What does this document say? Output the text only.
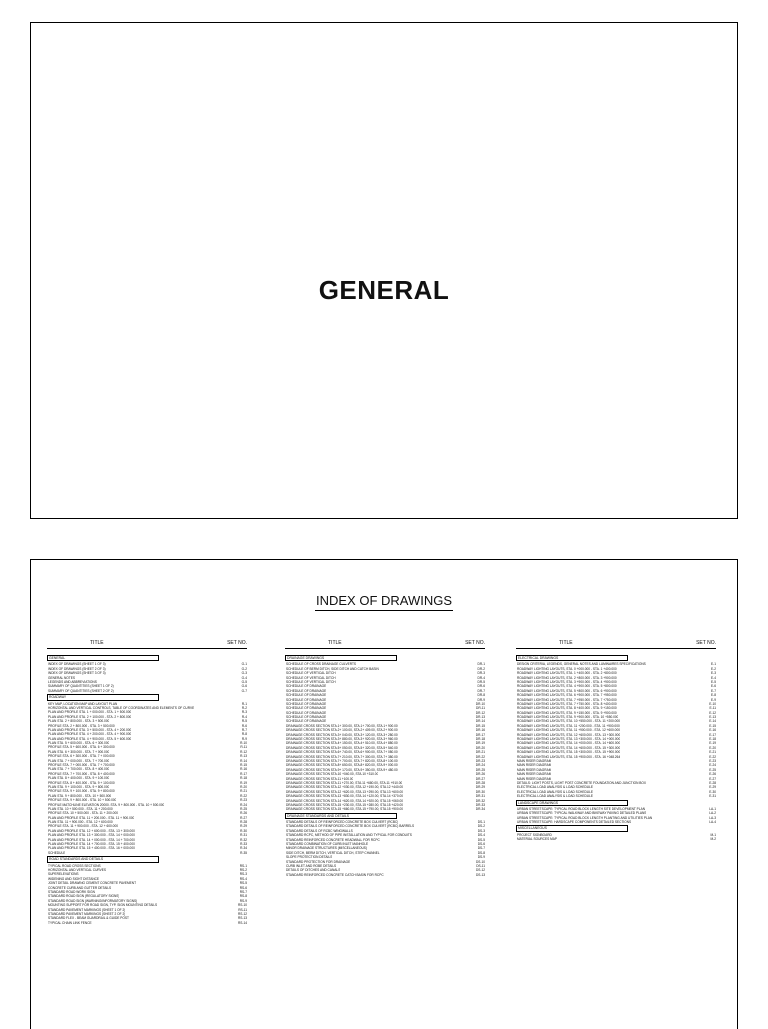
GENERAL
INDEX OF DRAWINGS
TITLE	SET NO.
GENERAL
INDEX OF DRAWINGS (SHEET 1 OF 3)	G-1
INDEX OF DRAWINGS (SHEET 2 OF 3)	G-2
INDEX OF DRAWINGS (SHEET 3 OF 3)	G-3
GENERAL NOTES	G-4
LEGENDS AND ABBREVIATIONS	G-5
SUMMARY OF QUANTITIES (SHEET 1 OF 2)	G-6
SUMMARY OF QUANTITIES (SHEET 2 OF 2)	G-7
ROADWAY
KEY MAP, LOCATION MAP AND LAYOUT PLAN	R-1
HORIZONTAL AND VERTICAL CONTROLS, TABLE OF COORDINATES AND ELEMENTS OF CURVE	R-2
PLAN AND PROFILE STA. 1 + 000.000 - STA. 1 + 500.000	R-3
PLAN AND PROFILE STA. 2 + 100.000 - STA. 2 + 800.000	R-4
PLAN STA. 2 + 800.000 - STA. 3 + 500.000	R-5
PROFILE STA. 2 + 800.000 - STA. 3 + 500.000	R-6
PLAN AND PROFILE STA. 3 + 500.000 - STA. 4 + 200.000	R-7
PLAN AND PROFILE STA. 4 + 200.000 - STA. 4 + 900.000	R-8
PLAN AND PROFILE STA. 4 + 900.000 - STA. 5 + 600.000	R-9
PLAN STA. 5 + 600.000 - STA. 6 + 300.000	R-10
PROFILE STA. 5 + 600.000 - STA. 6 + 300.000	R-11
PLAN STA. 6 + 300.000 - STA. 7 + 000.000	R-12
PROFILE STA. 6 + 300.000 - STA. 7 + 000.000	R-13
PLAN STA. 7 + 000.000 - STA. 7 + 700.000	R-14
PROFILE STA. 7 + 000.000 - STA. 7 + 700.000	R-15
PLAN STA. 7 + 700.000 - STA. 8 + 400.000	R-16
PROFILE STA. 7 + 700.000 - STA. 8 + 400.000	R-17
PLAN STA. 8 + 400.000 - STA. 9 + 100.000	R-18
PROFILE STA. 8 + 400.000 - STA. 9 + 100.000	R-19
PLAN STA. 9 + 100.000 - STA. 9 + 800.000	R-20
PROFILE STA. 9 + 100.000 - STA. 9 + 800.000	R-21
PLAN STA. 9 + 800.000 - STA. 10 + 500.000	R-22
PROFILE STA. 9 + 800.000 - STA. 10 + 500.000	R-23
PROFILE MATCHLINE ELEVATION 20000. STA. 9 + 800.000 - STA. 10 + 500.000	R-24
PLAN STA. 10 + 500.000 - STA. 11 + 200.000	R-25
PROFILE STA. 10 + 500.000 - STA. 11 + 200.000	R-26
PLAN AND PROFILE STA. 11 + 200.000 - STA. 11 + 900.000	R-27
PLAN STA. 11 + 900.000 - STA. 12 + 600.000	R-28
PROFILE STA. 11 + 900.000 - STA. 12 + 600.000	R-29
PLAN AND PROFILE STA. 12 + 600.000 - STA. 13 + 300.000	R-30
PLAN AND PROFILE STA. 13 + 300.000 - STA. 14 + 000.000	R-31
PLAN AND PROFILE STA. 14 + 000.000 - STA. 14 + 700.000	R-32
PLAN AND PROFILE STA. 14 + 700.000 - STA. 15 + 400.000	R-33
PLAN AND PROFILE STA. 15 + 400.000 - STA. 16 + 000.000	R-34
SCHEDULE	R-35
ROAD STANDARDS AND DETAILS
TYPICAL ROAD CROSS SECTIONS	RS-1
HORIZONTAL AND VERTICAL CURVES	RS-2
SUPERELEVATIONS	RS-3
WIDENING AND SIGHT DISTANCE	RS-4
JOINT DETAIL DRAWING CEMENT CONCRETE PAVEMENT	RS-5
CONCRETE CURB AND GUTTER DETAILS	RS-6
STANDARD ROAD WORK SIGN	RS-7
STANDARD ROAD SIGN (REGULATORY SIGNS)	RS-8
STANDARD ROAD SIGN (WARNING/INFORMATORY SIGNS)	RS-9
MOUNTING SUPPORT FOR ROAD SIGN, TYP. SIGN MOUNTING DETAILS	RS-10
STANDARD PAVEMENT MARKINGS (SHEET 1 OF 2)	RS-11
STANDARD PAVEMENT MARKINGS (SHEET 2 OF 2)	RS-12
STANDARD FLEX - BEAM GUARDRAIL & GUIDE POST	RS-13
TYPICAL CHAIN LINK FENCE	RS-14
TITLE	SET NO.
DRAINAGE DRAWINGS
SCHEDULE OF CROSS DRAINAGE CULVERTS	DR-1
SCHEDULE OF BERM DITCH, SIDE DITCH AND CATCH BASIN	DR-2
SCHEDULE OF VERTICAL DITCH	DR-3
SCHEDULE OF VERTICAL DITCH	DR-4
SCHEDULE OF VERTICAL DITCH	DR-5
SCHEDULE OF DRAINAGE	DR-6
SCHEDULE OF DRAINAGE	DR-7
SCHEDULE OF DRAINAGE	DR-8
SCHEDULE OF DRAINAGE	DR-9
SCHEDULE OF DRAINAGE	DR-10
SCHEDULE OF DRAINAGE	DR-11
SCHEDULE OF DRAINAGE	DR-12
SCHEDULE OF DRAINAGE	DR-13
SCHEDULE OF DRAINAGE	DR-14
DRAINAGE CROSS SECTION STA.1+ 300.00, STA.1+ 700.00, STA.1+ 900.00	DR-15
DRAINAGE CROSS SECTION STA.2+ 100.00, STA.2+ 409.00, STA.2+ 900.00	DR-16
DRAINAGE CROSS SECTION STA.3+ 040.00, STA.3+ 120.00, STA.3+ 280.00	DR-17
DRAINAGE CROSS SECTION STA.3+ 880.00, STA.3+ 920.00, STA.3+ 960.00	DR-18
DRAINAGE CROSS SECTION STA.4+ 150.00, STA.4+ 510.00, STA.4+ 880.00	DR-19
DRAINAGE CROSS SECTION STA.5+ 050.00, STA.5+ 320.00, STA.5+ 540.00	DR-20
DRAINAGE CROSS SECTION STA.6+ 740.00, STA.6+ 900.00, STA.7+ 080.00	DR-21
DRAINAGE CROSS SECTION STA.7+ 210.00, STA.7+ 300.00, STA.7+ 380.00	DR-22
DRAINAGE CROSS SECTION STA.7+ 700.00, STA.7+ 820.00, STA.8+ 100.00	DR-23
DRAINAGE CROSS SECTION STA.8+ 650.00, STA.8+ 820.00, STA.9+ 000.00	DR-24
DRAINAGE CROSS SECTION STA.9+ 170.00, STA.9+ 350.00, STA.9+ 480.00	DR-25
DRAINAGE CROSS SECTION STA.10 +040.00, STA.10 +310.00	DR-26
DRAINAGE CROSS SECTION STA.11 +100.00	DR-27
DRAINAGE CROSS SECTION STA.11 +270.00, STA.11 +680.00, STA.11 +910.00	DR-28
DRAINAGE CROSS SECTION STA.12 +030.00, STA.12 +190.00, STA.12 +440.00	DR-29
DRAINAGE CROSS SECTION STA.12 +620.00, STA.13 +290.00, STA.13 +600.00	DR-30
DRAINAGE CROSS SECTION STA.13 +830.00, STA.14 +120.00, STA.14 +370.00	DR-31
DRAINAGE CROSS SECTION STA.14 +620.00, STA.14 +920.00, STA.15 +060.00	DR-32
DRAINAGE CROSS SECTION STA.15 +230.00, STA.15 +280.00, STA.15 +420.00	DR-33
DRAINAGE CROSS SECTION STA.15 +660.00, STA.15 +790.00, STA.15 +900.00	DR-34
DRAINAGE STANDARDS AND DETAILS
STANDARD DETAILS OF REINFORCED CONCRETE BOX CULVERT (RCBC)	DS-1
STANDARD DETAILS OF REINFORCED CONCRETE BOX CULVERT (RCBC) BARRELS	DS-2
STANDARD DETAILS OF RCBC WINGWALLS	DS-3
STANDARD RCPC, METHOD OF PIPE INSTALLATION AND TYPICAL FOR CONDUITS	DS-4
STANDARD REINFORCED CONCRETE HEADWALL FOR RCPC	DS-5
STANDARD COMBINATION OF CURB INLET MANHOLE	DS-6
MINOR DRAINAGE STRUCTURES (MISCELLANEOUS)	DS-7
SIDE DITCH, BERM DITCH, VERTICAL DITCH, STEP CHANNEL	DS-8
SLOPE PROTECTION DETAILS	DS-9
STANDARD PROTECTION FOR DRAINAGE	DS-10
CURB INLET AND ROBE DETAILS	DS-11
DETAILS OF DITCHES AND CANALS	DS-12
STANDARD REINFORCED CONCRETE CATCH BASIN FOR RCPC	DS-13
TITLE	SET NO.
ELECTRICAL DRAWINGS
DESIGN CRITERIA, LEGENDS, GENERAL NOTES AND LUMINAIRES SPECIFICATIONS	E-1
ROADWAY LIGHTING LAYOUTS, STA. 0 +000.000 - STA. 1 +400.000	E-2
ROADWAY LIGHTING LAYOUTS, STA. 1 +400.000 - STA. 2 +800.000	E-3
ROADWAY LIGHTING LAYOUTS, STA. 2 +800.000 - STA. 3 +900.000	E-4
ROADWAY LIGHTING LAYOUTS, STA. 3 +900.000 - STA. 4 +900.000	E-5
ROADWAY LIGHTING LAYOUTS, STA. 4 +900.000 - STA. 5 +800.000	E-6
ROADWAY LIGHTING LAYOUTS, STA. 5 +800.000 - STA. 6 +900.000	E-7
ROADWAY LIGHTING LAYOUTS, STA. 6 +900.000 - STA. 7 +950.000	E-8
ROADWAY LIGHTING LAYOUTS, STA. 7 +950.000 - STA. 7 +750.000	E-9
ROADWAY LIGHTING LAYOUTS, STA. 7 +750.000 - STA. 8 +400.000	E-10
ROADWAY LIGHTING LAYOUTS, STA. 8 +400.000 - STA. 9 +150.000	E-11
ROADWAY LIGHTING LAYOUTS, STA. 9 +150.000 - STA. 9 +900.000	E-12
ROADWAY LIGHTING LAYOUTS, STA. 9 +900.000 - STA. 10 +550.000	E-13
ROADWAY LIGHTING LAYOUTS, STA. 10 +550.000 - STA. 11 +200.000	E-14
ROADWAY LIGHTING LAYOUTS, STA. 11 +200.000 - STA. 11 +900.000	E-15
ROADWAY LIGHTING LAYOUTS, STA. 11 +900.000 - STA. 12 +600.000	E-16
ROADWAY LIGHTING LAYOUTS, STA. 12 +600.000 - STA. 13 +300.000	E-17
ROADWAY LIGHTING LAYOUTS, STA. 13 +300.000 - STA. 14 +000.000	E-18
ROADWAY LIGHTING LAYOUTS, STA. 14 +000.000 - STA. 14 +600.000	E-19
ROADWAY LIGHTING LAYOUTS, STA. 14 +600.000 - STA. 15 +300.000	E-20
ROADWAY LIGHTING LAYOUTS, STA. 15 +300.000 - STA. 15 +900.000	E-21
ROADWAY LIGHTING LAYOUTS, STA. 15 +900.000 - STA. 16 +048.264	E-22
MAIN RISER DIAGRAM	E-23
MAIN RISER DIAGRAM	E-24
MAIN RISER DIAGRAM	E-25
MAIN RISER DIAGRAM	E-26
MAIN RISER DIAGRAM	E-27
DETAILS: LIGHT POSTS, LIGHT POST CONCRETE FOUNDATION AND JUNCTION BOX	E-28
ELECTRICAL LOAD ANALYSIS & LOAD SCHEDULE	E-29
ELECTRICAL LOAD ANALYSIS & LOAD SCHEDULE	E-30
ELECTRICAL LOAD ANALYSIS & LOAD SCHEDULE	E-31
LANDSCAPE DRAWINGS
URBAN STREETSCAPE: TYPICAL ROAD BLOCK LENGTH SITE DEVELOPMENT PLAN	LA-1
URBAN STREETSCAPE: TYPICAL WALKWAY AND BIKEWAY PAVING DETAILED PLANS	LA-2
URBAN STREETSCAPE: TYPICAL ROAD BLOCK LENGTH PLANTING AND UTILITIES PLAN	LA-3
URBAN STREETSCAPE: HARDSCAPE COMPONENTS DETAILED SECTIONS	LA-4
MISCELLANEOUS
PROJECT SIGNBOARD	M-1
MATERIAL SOURCES MAP	M-2
